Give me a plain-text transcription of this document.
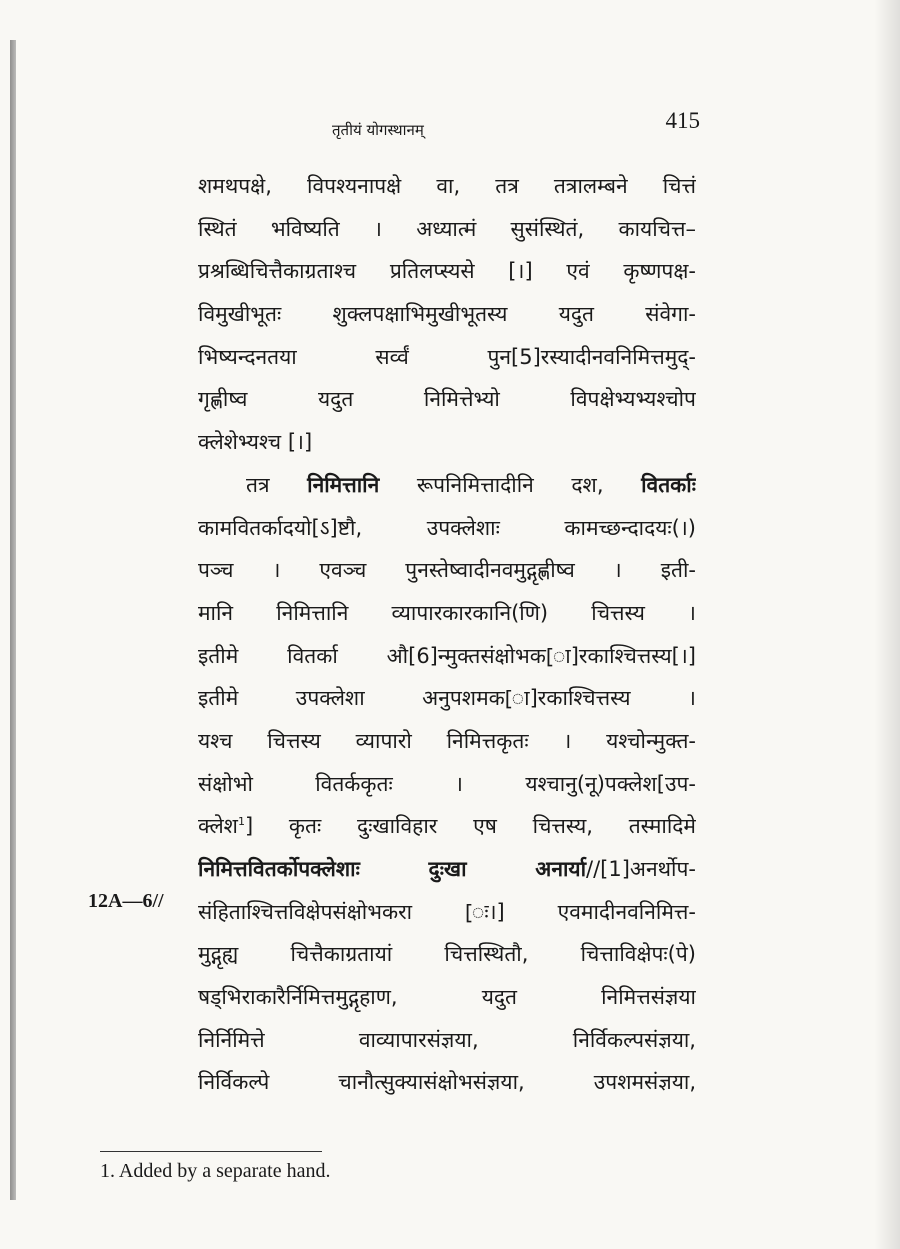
तृतीयं योगस्थानम्	415
शमथपक्षे, विपश्यनापक्षे वा, तत्र तत्रालम्बने चित्तं
स्थितं भविष्यति । अध्यात्मं सुसंस्थितं, कायचित्त–
प्रश्रब्धिचित्तैकाग्रताश्च प्रतिलप्स्यसे [।] एवं कृष्णपक्ष-
विमुखीभूतः शुक्लपक्षाभिमुखीभूतस्य यदुत संवेगा-
भिष्यन्दनतया सर्व्वं पुन[5]रस्यादीनवनिमित्तमुद्-
गृह्णीष्व यदुत निमित्तेभ्यो विपक्षेभ्यभ्यश्चोप
क्लेशेभ्यश्च [।]
तत्र निमित्तानि रूपनिमित्तादीनि दश, वितर्काः
कामवितर्कादयो[ऽ]ष्टौ, उपक्लेशाः कामच्छन्दादयः(।)
पञ्च । एवञ्च पुनस्तेष्वादीनवमुद्गृह्णीष्व । इती-
मानि निमित्तानि व्यापारकारकानि(णि) चित्तस्य ।
इतीमे वितर्का औ[6]न्मुक्तसंक्षोभक[ा]रकाश्चित्तस्य[।]
इतीमे उपक्लेशा अनुपशमक[ा]रकाश्चित्तस्य ।
यश्च चित्तस्य व्यापारो निमित्तकृतः । यश्चोन्मुक्त-
संक्षोभो वितर्ककृतः । यश्चानु(नू)पक्लेश[उप-
क्लेश$^1$] कृतः दुःखाविहार एष चित्तस्य, तस्मादिमे
निमित्तवितर्कोपक्लेशाः दुःखा अनार्या//[1]अनर्थोप-
संहिताश्चित्तविक्षेपसंक्षोभकरा [ः।] एवमादीनवनिमित्त-
मुद्गृह्य चित्तैकाग्रतायां चित्तस्थितौ, चित्ताविक्षेपः(पे)
षड्भिराकारैर्निमित्तमुद्गृहाण, यदुत निमित्तसंज्ञया
निर्निमित्ते वाव्यापारसंज्ञया, निर्विकल्पसंज्ञया,
निर्विकल्पे चानौत्सुक्यासंक्षोभसंज्ञया, उपशमसंज्ञया,
12A—6//
1. Added by a separate hand.
